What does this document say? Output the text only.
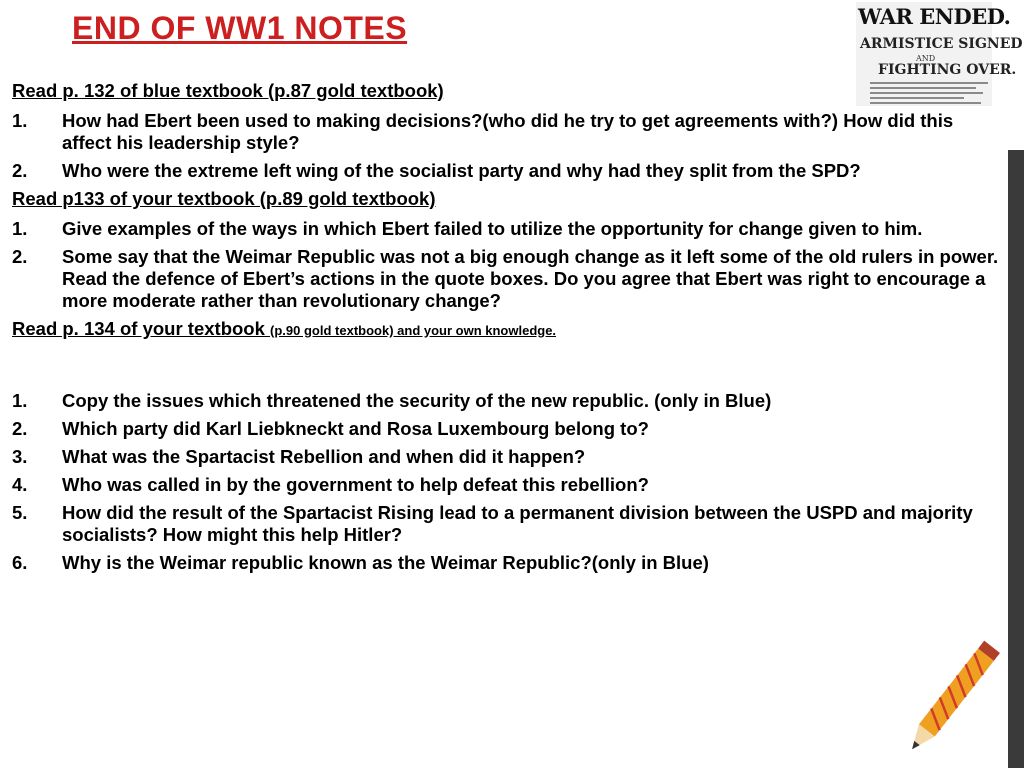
END OF WW1 NOTES	WAR ENDED.
ARMISTICE SIGNED
AND
FIGHTING OVER.
Read p. 132 of blue textbook (p.87 gold textbook)
1. How had Ebert been used to making decisions?(who did he try to get agreements with?) How did this affect his leadership style?
2. Who were the extreme left wing of the socialist party and why had they split from the SPD?
Read p133 of your textbook (p.89 gold textbook)
1. Give examples of the ways in which Ebert failed to utilize the opportunity for change given to him.
2. Some say that the Weimar Republic was not a big enough change as it left some of the old rulers in power. Read the defence of Ebert’s actions in the quote boxes. Do you agree that Ebert was right to encourage a more moderate rather than revolutionary change?
Read p. 134 of your textbook (p.90 gold textbook) and your own knowledge.
1. Copy the issues which threatened the security of the new republic. (only in Blue)
2. Which party did Karl Liebkneckt and Rosa Luxembourg belong to?
3. What was the Spartacist Rebellion and when did it happen?
4. Who was called in by the government to help defeat this rebellion?
5. How did the result of the Spartacist Rising lead to a permanent division between the USPD and majority socialists? How might this help Hitler?
6. Why is the Weimar republic known as the Weimar Republic?(only in Blue)
